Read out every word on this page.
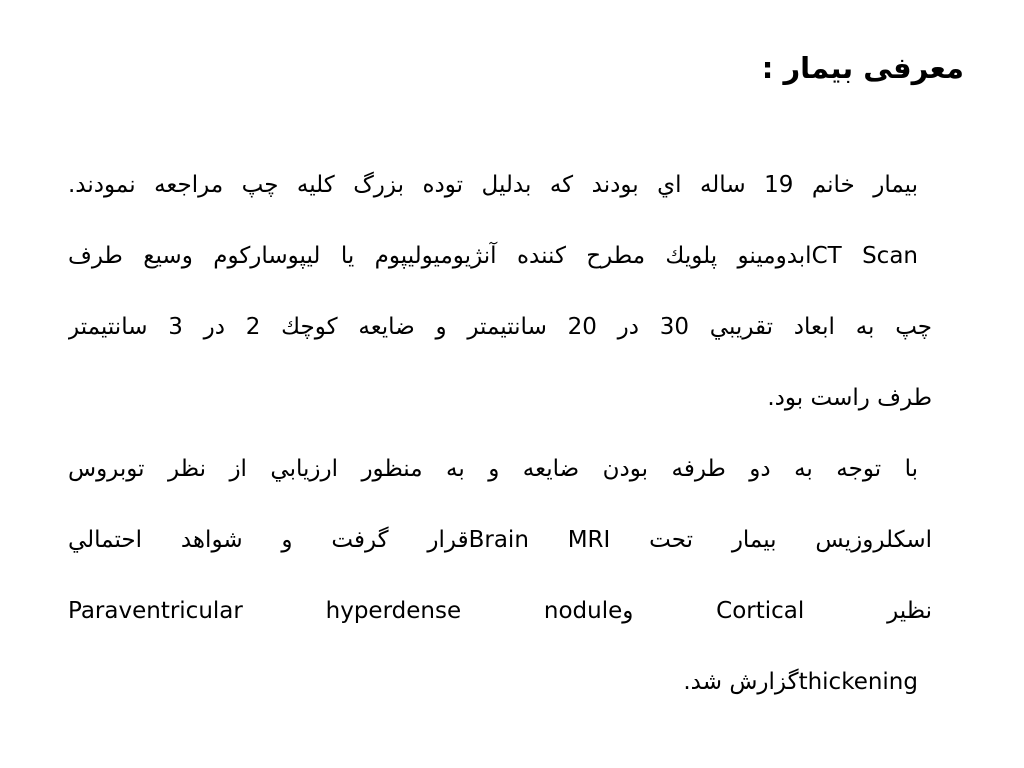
معرفی بیمار :

بیمار خانم 19 ساله اي بودند که بدليل توده بزرگ کليه چپ مراجعه نمودند.
CT Scanابدومینو پلويك مطرح كننده آنژيوميوليپوم يا ليپوسارکوم وسيع طرف
چپ به ابعاد تقريبي 30 در 20 سانتيمتر و ضايعه کوچك 2 در 3 سانتيمتر
طرف راست بود.

با توجه به دو طرفه بودن ضايعه و به منظور ارزيابي از نظر توبروس
اسکلروزيس بيمار تحت Brain MRIقرار گرفت و شواهد احتمالي
نظير Cortical وParaventricular hyperdense nodule
thickeningگزارش شد.
